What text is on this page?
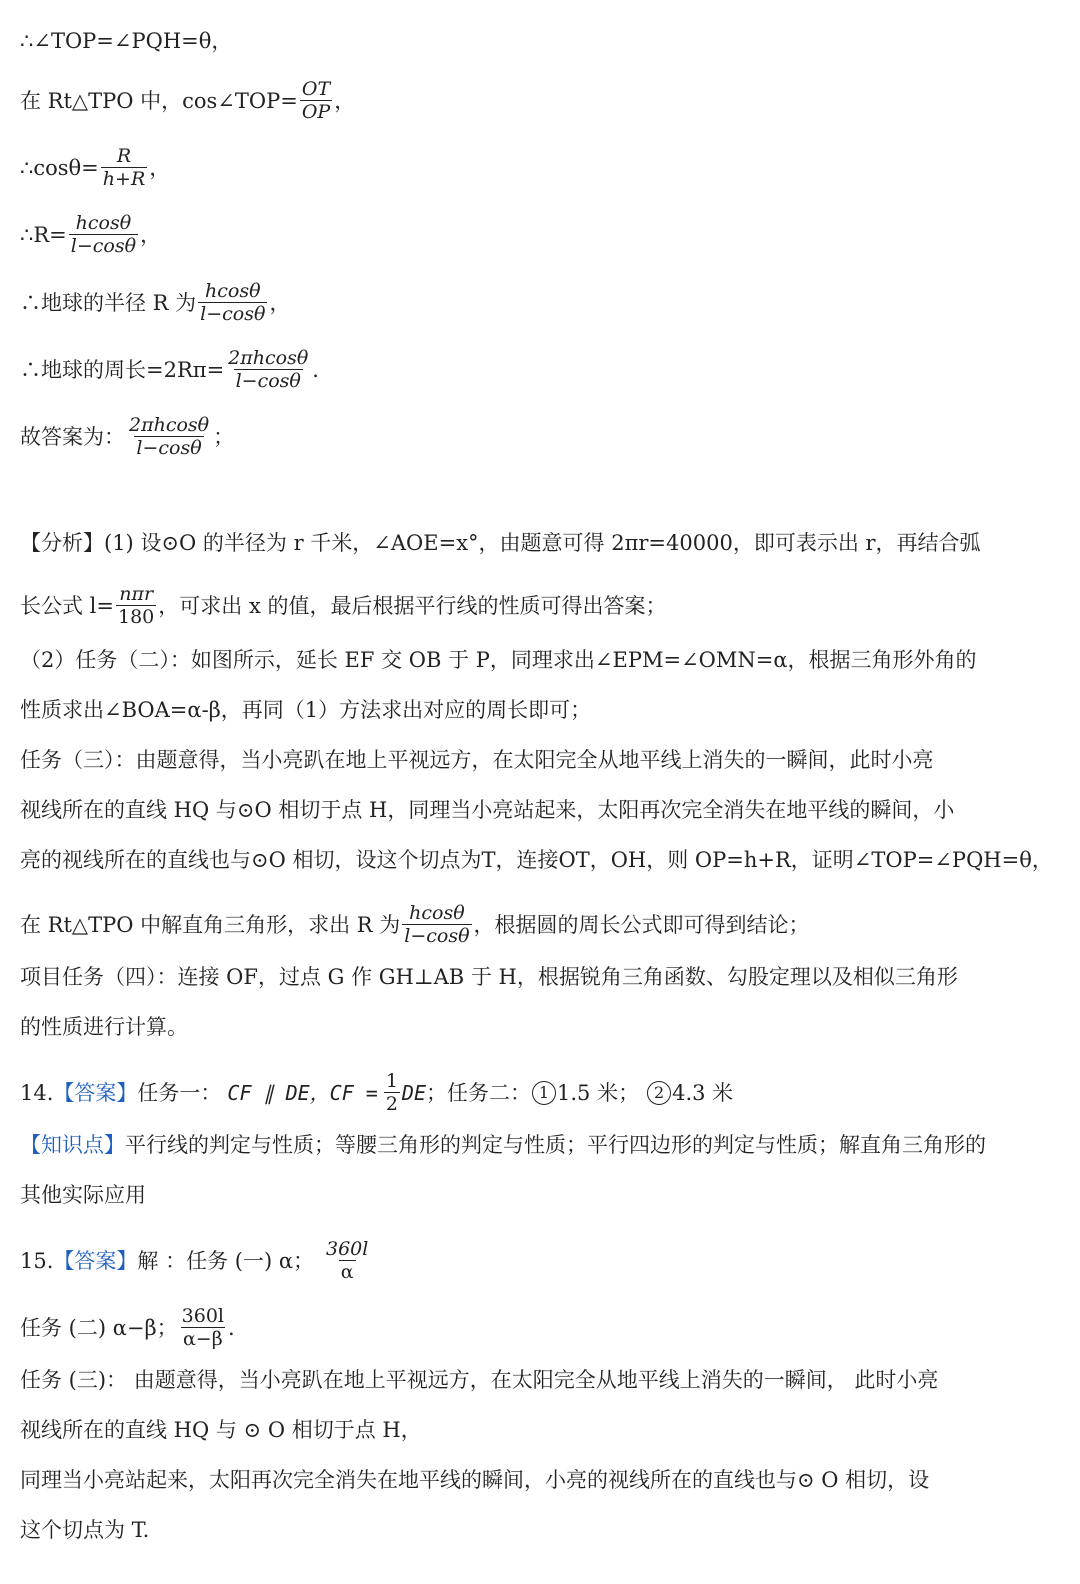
∴∠TOP=∠PQH=θ，
在 Rt△TPO 中，cos∠TOP= $\frac{OT}{OP}$ ，
∴cosθ= $\frac{R}{h+R}$ ，
∴R= $\frac{hcos\theta}{l-\cos\theta}$ ，
∴地球的半径 R 为 $\frac{hcos\theta}{l-\cos\theta}$ ，
∴地球的周长$=2R\pi= \frac{2\pi hcos\theta}{l-\cos\theta}$ .
故答案为： $\frac{2\pi hcos\theta}{l-\cos\theta}$ ；
【分析】(1) 设⊙O 的半径为 r 千米，∠AOE=x°，由题意可得 2πr=40000，即可表示出 r，再结合弧
长公式 $l= \frac{\text{nπr}}{180}$ ，可求出 x 的值，最后根据平行线的性质可得出答案；
（2）任务（二）：如图所示，延长 EF 交 OB 于 P，同理求出∠EPM=∠OMN=α，根据三角形外角的
性质求出∠BOA=α-β，再同（1）方法求出对应的周长即可；
任务（三）：由题意得，当小亮趴在地上平视远方，在太阳完全从地平线上消失的一瞬间，此时小亮
视线所在的直线 HQ 与⊙O 相切于点 H，同理当小亮站起来，太阳再次完全消失在地平线的瞬间，小
亮的视线所在的直线也与⊙O 相切，设这个切点为T，连接OT，OH，则 OP=h+R，证明∠TOP=∠PQH=θ，
在 Rt△TPO 中解直角三角形，求出 R 为 $\frac{hcos\theta}{l-\cos\theta}$ ，根据圆的周长公式即可得到结论；
项目任务（四）：连接 OF，过点 G 作 GH⊥AB 于 H，根据锐角三角函数、勾股定理以及相似三角形
的性质进行计算。
14. 【答案】 任务一： CF ∥ DE，CF = $\frac{1}{2}$ DE ；任务二： 1 1.5 米； 2 4.3 米
【知识点】 平行线的判定与性质；等腰三角形的判定与性质；平行四边形的判定与性质；解直角三角形的
其他实际应用
15. 【答案】 解 ：任务 (一) α； $\frac{360l}{\alpha}$
任务 (二) α−β； $\frac{360l}{\alpha-\beta}$ .
任务 (三)： 由题意得，当小亮趴在地上平视远方，在太阳完全从地平线上消失的一瞬间， 此时小亮
视线所在的直线 HQ 与 ⊙ O 相切于点 H，
同理当小亮站起来，太阳再次完全消失在地平线的瞬间，小亮的视线所在的直线也与⊙ O 相切，设
这个切点为 T.
